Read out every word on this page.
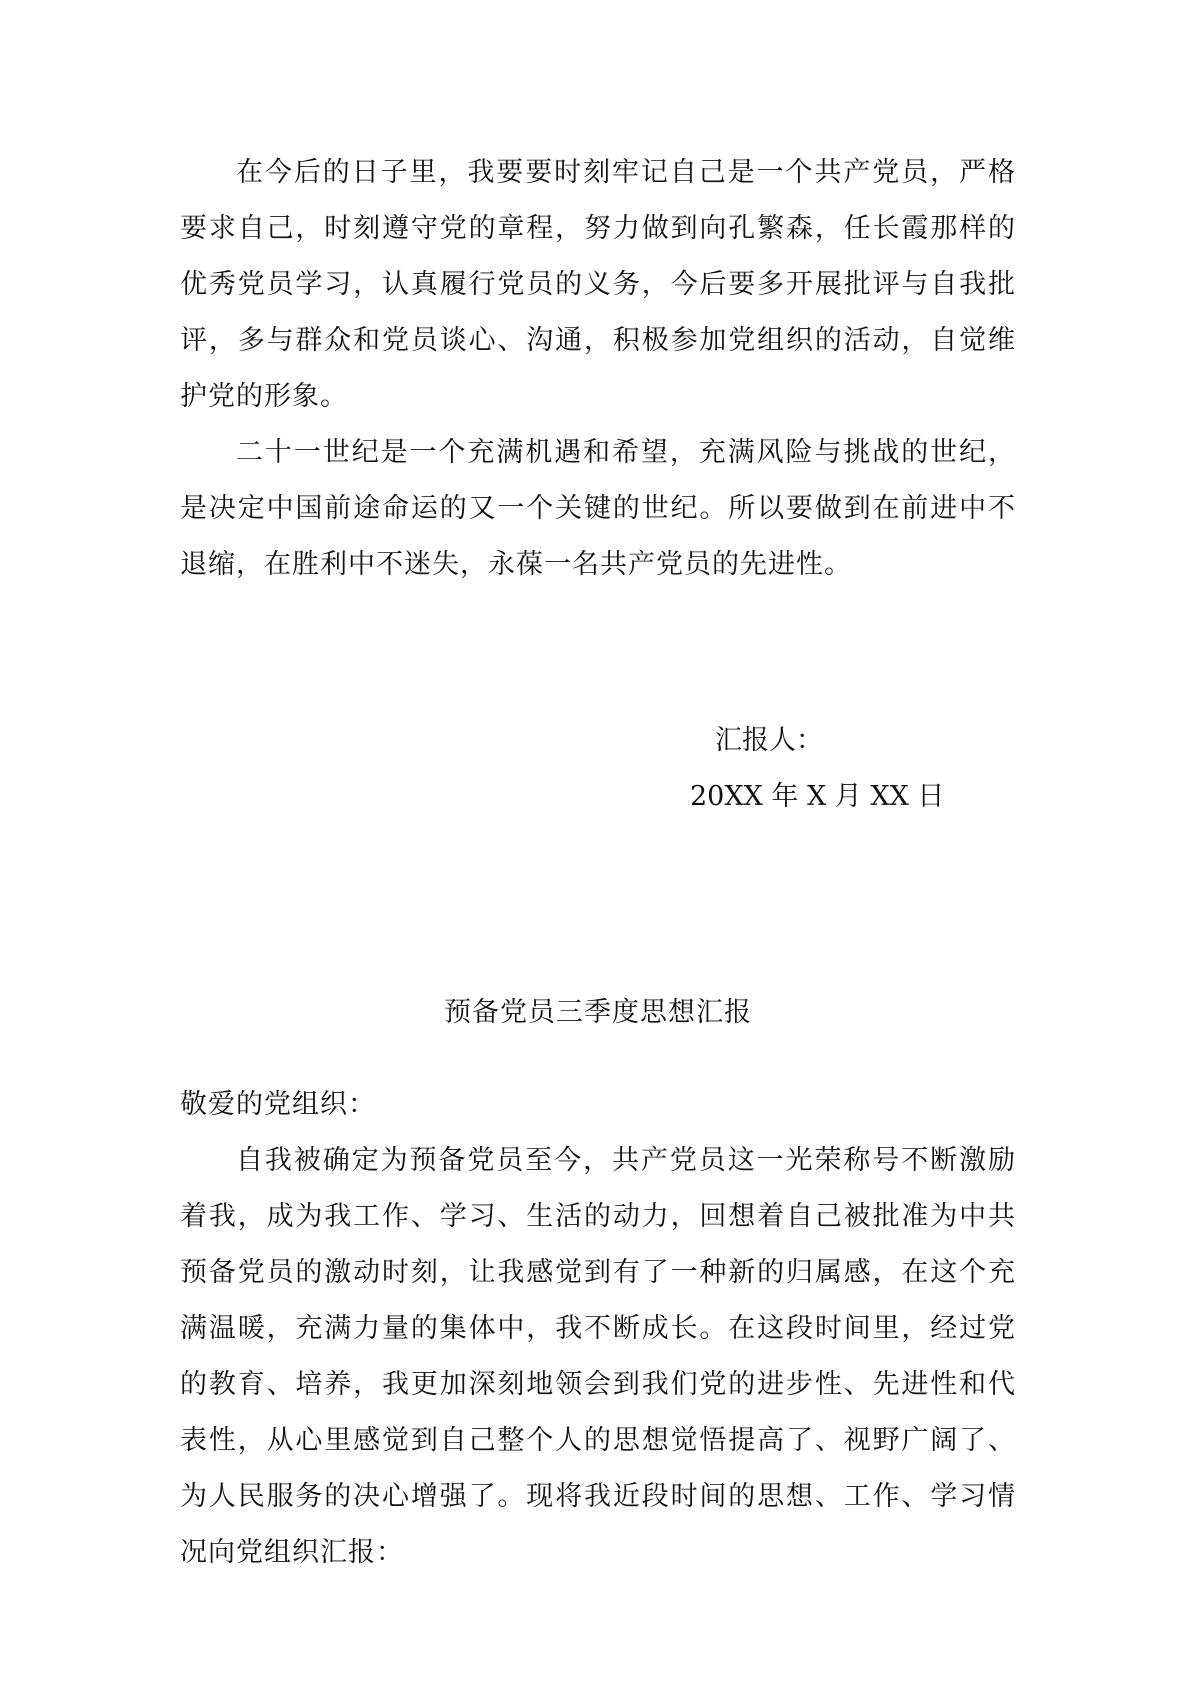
在今后的日子里，我要要时刻牢记自己是一个共产党员，严格要求自己，时刻遵守党的章程，努力做到向孔繁森，任长霞那样的优秀党员学习，认真履行党员的义务，今后要多开展批评与自我批评，多与群众和党员谈心、沟通，积极参加党组织的活动，自觉维护党的形象。

二十一世纪是一个充满机遇和希望，充满风险与挑战的世纪，是决定中国前途命运的又一个关键的世纪。所以要做到在前进中不退缩，在胜利中不迷失，永葆一名共产党员的先进性。

汇报人：
20XX 年 X 月 XX 日
预备党员三季度思想汇报
敬爱的党组织：

自我被确定为预备党员至今，共产党员这一光荣称号不断激励着我，成为我工作、学习、生活的动力，回想着自己被批准为中共预备党员的激动时刻，让我感觉到有了一种新的归属感，在这个充满温暖，充满力量的集体中，我不断成长。在这段时间里，经过党的教育、培养，我更加深刻地领会到我们党的进步性、先进性和代表性，从心里感觉到自己整个人的思想觉悟提高了、视野广阔了、为人民服务的决心增强了。现将我近段时间的思想、工作、学习情况向党组织汇报：
